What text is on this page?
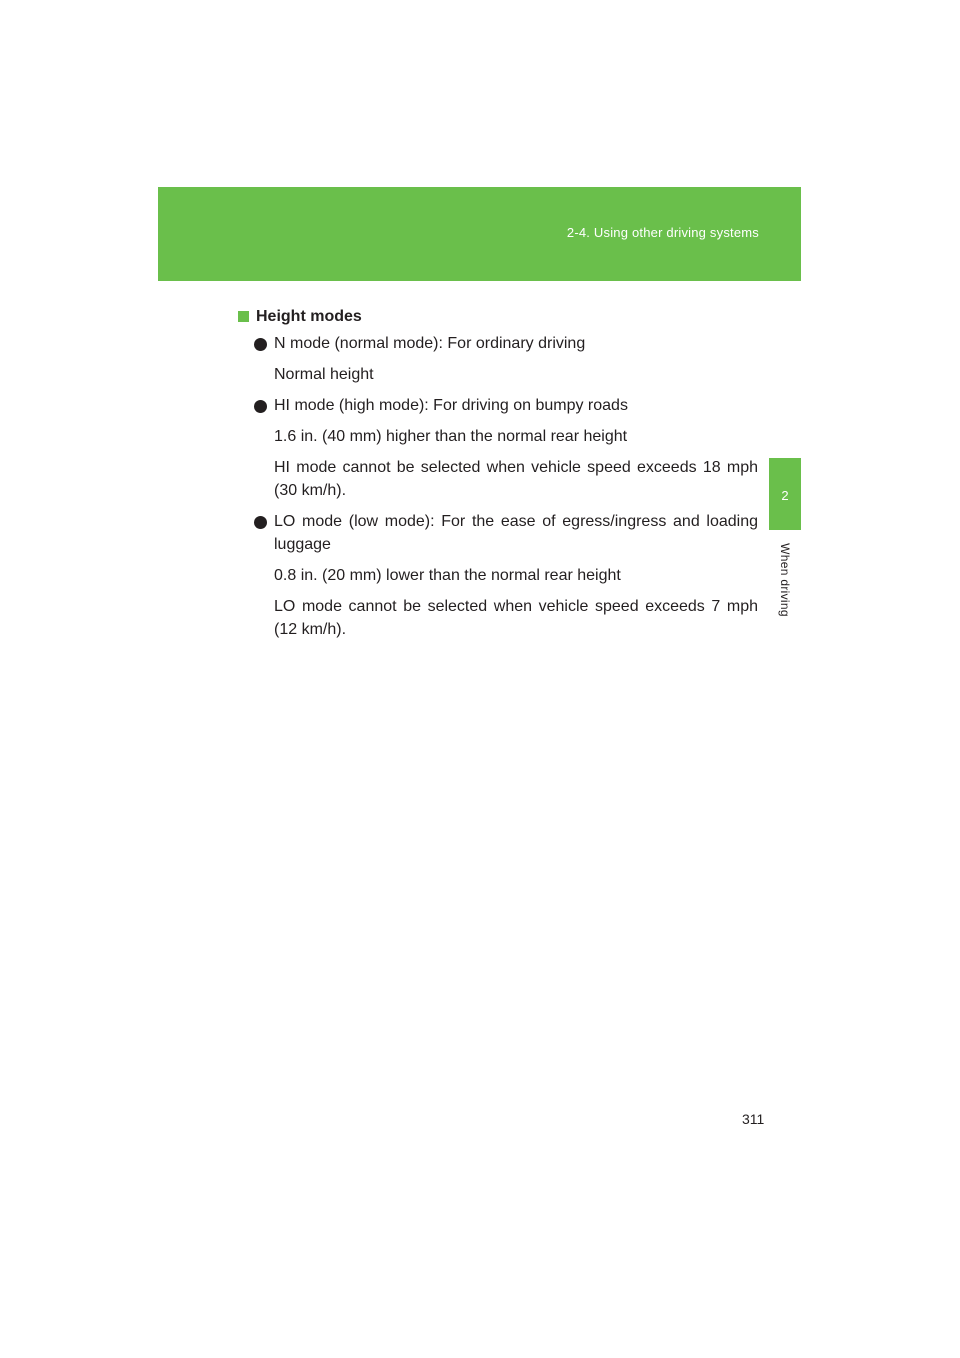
2-4. Using other driving systems
2
When driving
Height modes
N mode (normal mode): For ordinary driving
Normal height
HI mode (high mode): For driving on bumpy roads
1.6 in. (40 mm) higher than the normal rear height
HI mode cannot be selected when vehicle speed exceeds 18 mph (30 km/h).
LO mode (low mode): For the ease of egress/ingress and loading luggage
0.8 in. (20 mm) lower than the normal rear height
LO mode cannot be selected when vehicle speed exceeds 7 mph (12 km/h).
311
